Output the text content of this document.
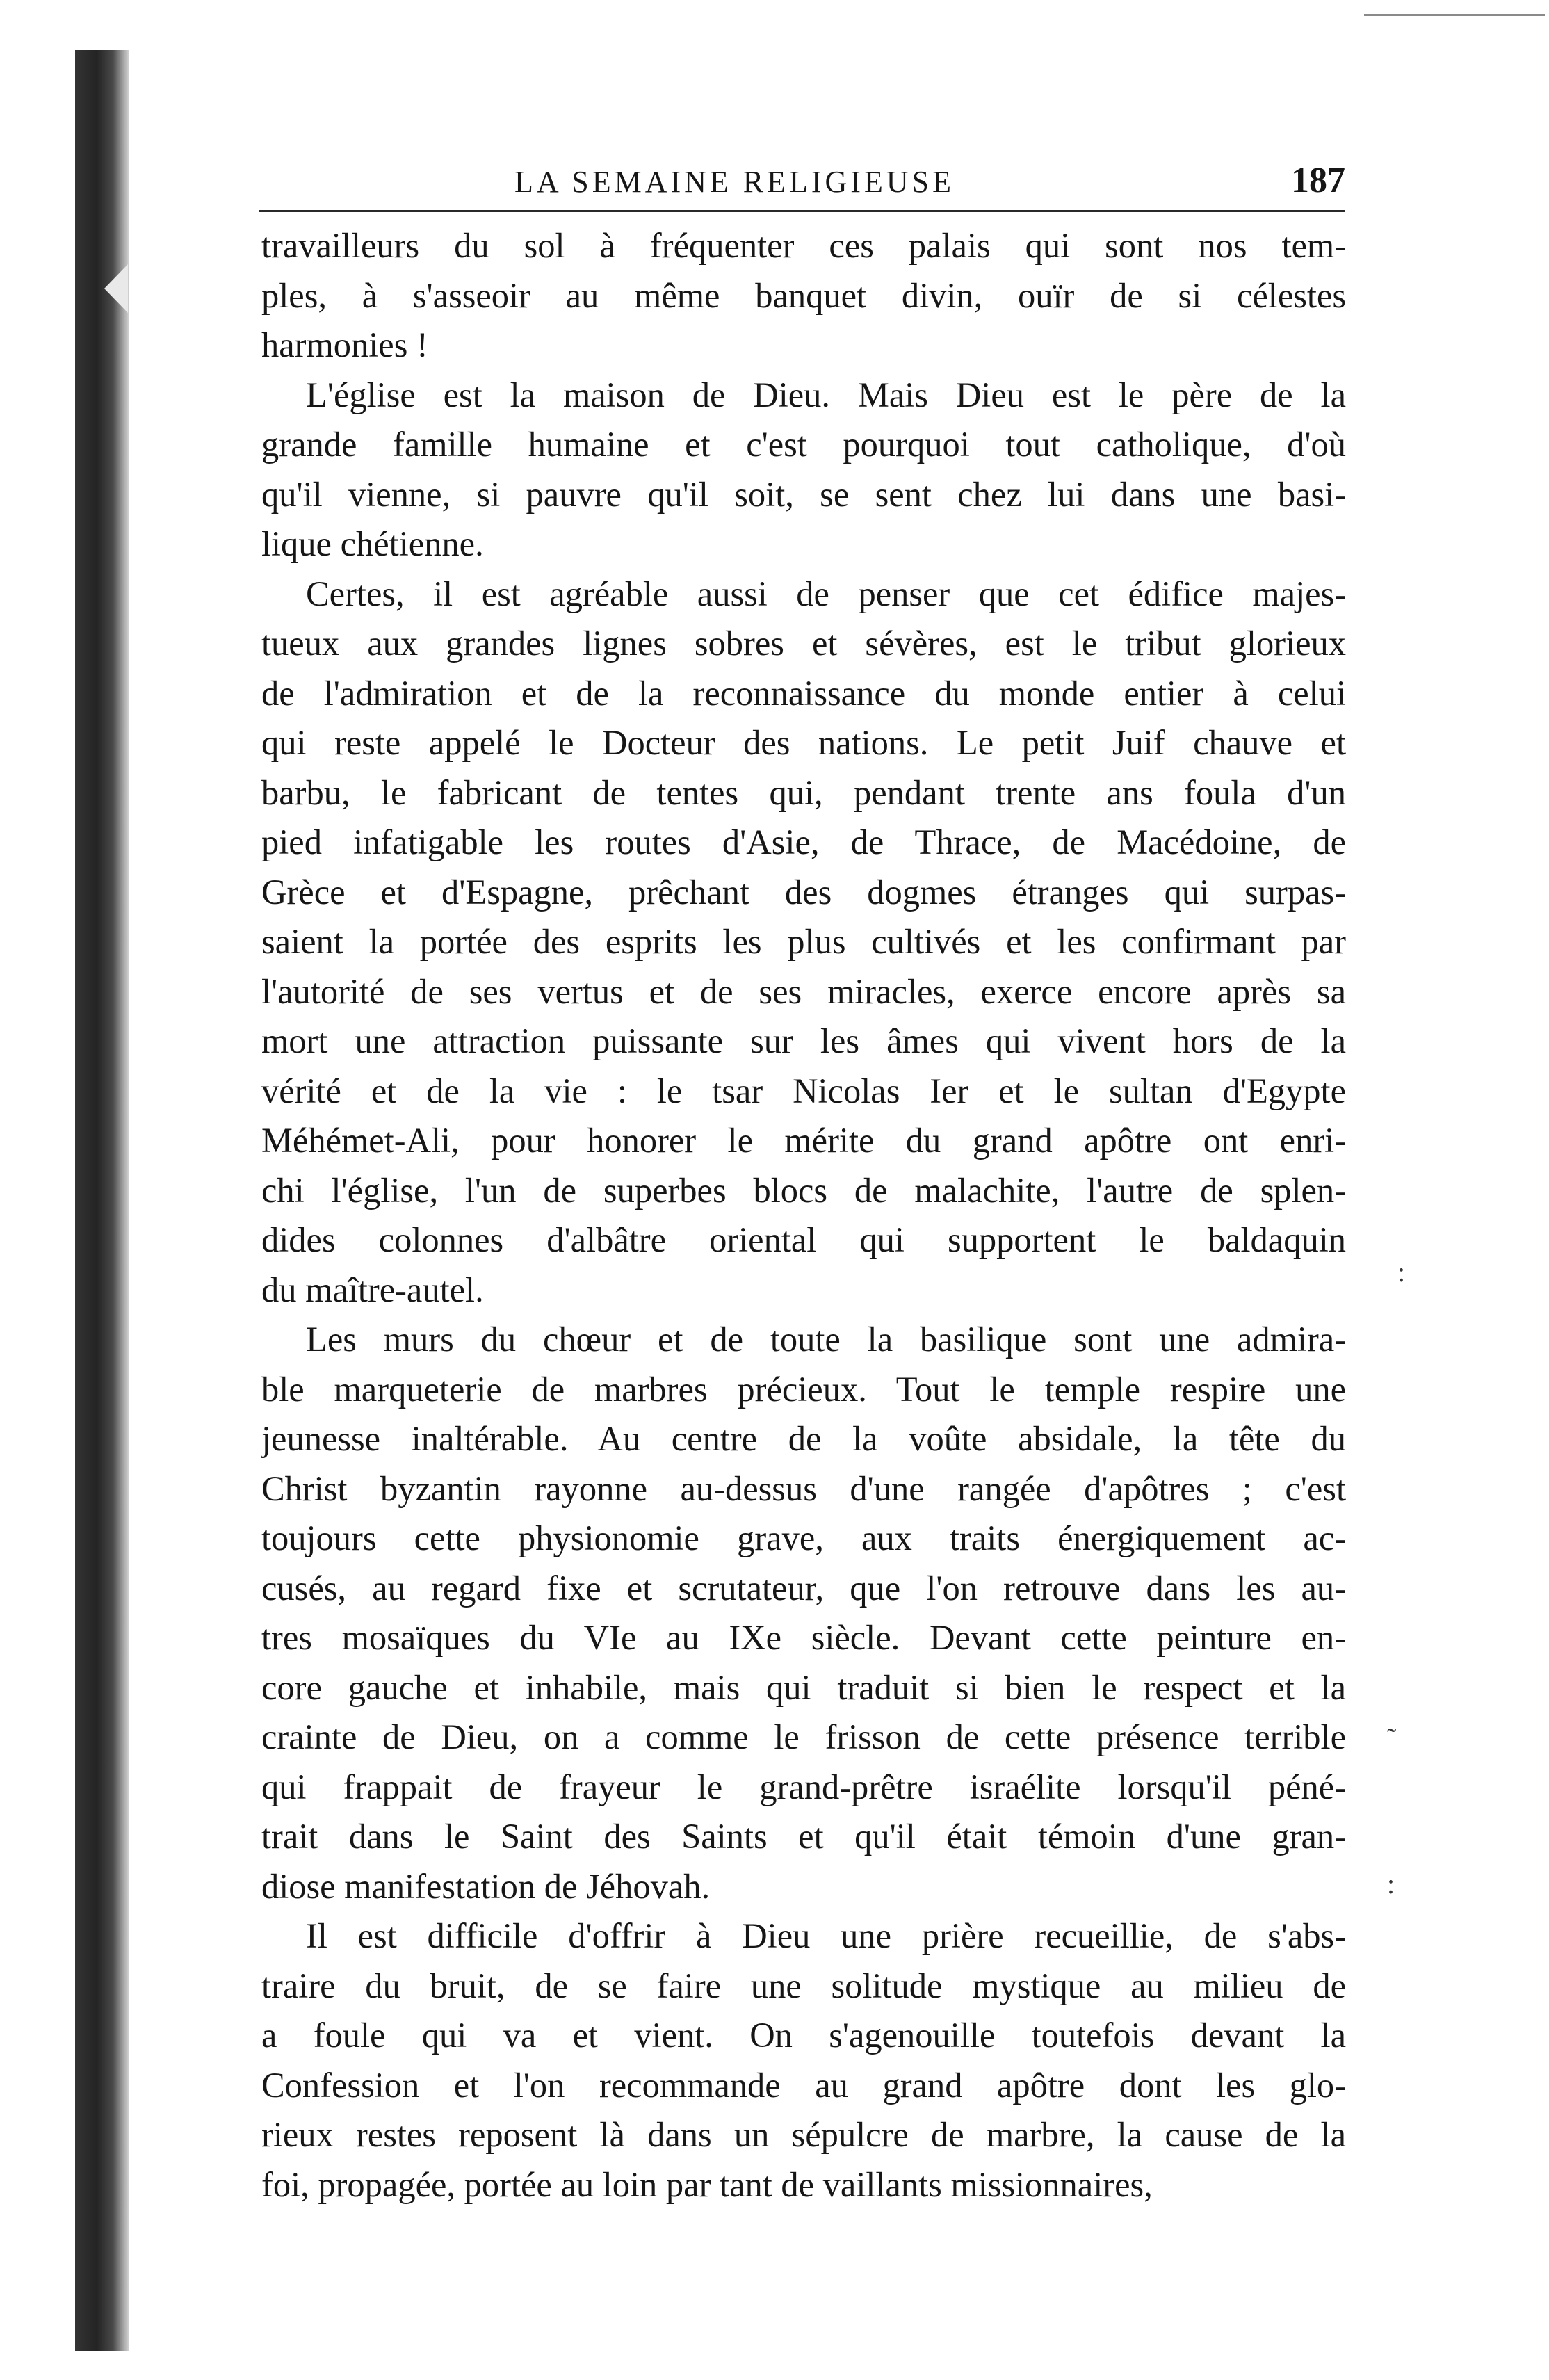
:
˜
:
LA SEMAINE RELIGIEUSE	187
travailleurs du sol à fréquenter ces palais qui sont nos tem-
ples, à s'asseoir au même banquet divin, ouïr de si célestes
harmonies !
L'église est la maison de Dieu. Mais Dieu est le père de la
grande famille humaine et c'est pourquoi tout catholique, d'où
qu'il vienne, si pauvre qu'il soit, se sent chez lui dans une basi-
lique chétienne.
Certes, il est agréable aussi de penser que cet édifice majes-
tueux aux grandes lignes sobres et sévères, est le tribut glorieux
de l'admiration et de la reconnaissance du monde entier à celui
qui reste appelé le Docteur des nations. Le petit Juif chauve et
barbu, le fabricant de tentes qui, pendant trente ans foula d'un
pied infatigable les routes d'Asie, de Thrace, de Macédoine, de
Grèce et d'Espagne, prêchant des dogmes étranges qui surpas-
saient la portée des esprits les plus cultivés et les confirmant par
l'autorité de ses vertus et de ses miracles, exerce encore après sa
mort une attraction puissante sur les âmes qui vivent hors de la
vérité et de la vie : le tsar Nicolas Ier et le sultan d'Egypte
Méhémet-Ali, pour honorer le mérite du grand apôtre ont enri-
chi l'église, l'un de superbes blocs de malachite, l'autre de splen-
dides colonnes d'albâtre oriental qui supportent le baldaquin
du maître-autel.
Les murs du chœur et de toute la basilique sont une admira-
ble marqueterie de marbres précieux. Tout le temple respire une
jeunesse inaltérable. Au centre de la voûte absidale, la tête du
Christ byzantin rayonne au-dessus d'une rangée d'apôtres ; c'est
toujours cette physionomie grave, aux traits énergiquement ac-
cusés, au regard fixe et scrutateur, que l'on retrouve dans les au-
tres mosaïques du VIe au IXe siècle. Devant cette peinture en-
core gauche et inhabile, mais qui traduit si bien le respect et la
crainte de Dieu, on a comme le frisson de cette présence terrible
qui frappait de frayeur le grand-prêtre israélite lorsqu'il péné-
trait dans le Saint des Saints et qu'il était témoin d'une gran-
diose manifestation de Jéhovah.
Il est difficile d'offrir à Dieu une prière recueillie, de s'abs-
traire du bruit, de se faire une solitude mystique au milieu de
a foule qui va et vient. On s'agenouille toutefois devant la
Confession et l'on recommande au grand apôtre dont les glo-
rieux restes reposent là dans un sépulcre de marbre, la cause de la
foi, propagée, portée au loin par tant de vaillants missionnaires,
